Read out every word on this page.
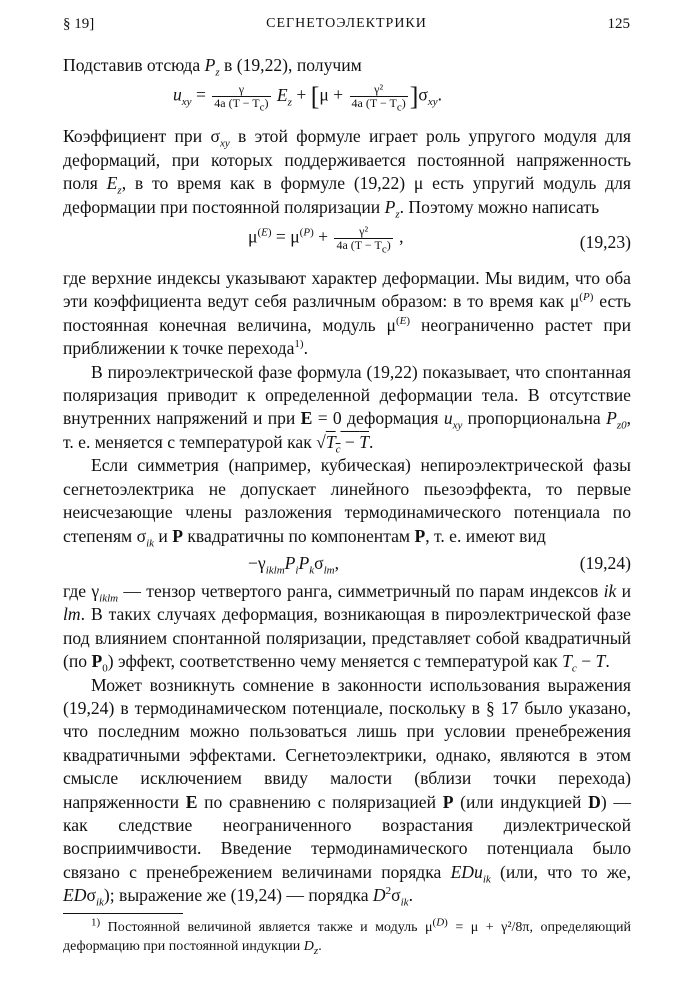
§ 19]	СЕГНЕТОЭЛЕКТРИКИ	125

Подставив отсюда $P_z$ в (19,22), получим

$u_{xy} = \frac{\gamma}{4a (T - T_c)} E_z + [\mu + \frac{\text{γ²}}{4a (T - T_c)} ]\sigma_{xy}$.

Коэффициент при $\sigma_{xy}$ в этой формуле играет роль упругого модуля для деформаций, при которых поддерживается постоянной напряженность поля $E_z$, в то время как в формуле (19,22) μ есть упругий модуль для деформации при постоянной поляризации $P_z$. Поэтому можно написать

$\mu^{(E)} = \mu^{(P)} + \frac{\text{γ²}}{4a (T - T_c)}$ ,	(19,23)

где верхние индексы указывают характер деформации. Мы видим, что оба эти коэффициента ведут себя различным образом: в то время как $\mu^{(P)}$ есть постоянная конечная величина, модуль $\mu^{(E)}$ неограниченно растет при приближении к точке перехода$^{1)}$.

В пироэлектрической фазе формула (19,22) показывает, что спонтанная поляризация приводит к определенной деформации тела. В отсутствие внутренних напряжений и при E = 0 деформация $u_{xy}$ пропорциональна $P_{z0}$, т. е. меняется с температурой как $√T_c - T$.

Если симметрия (например, кубическая) непироэлектрической фазы сегнетоэлектрика не допускает линейного пьезоэффекта, то первые неисчезающие члены разложения термодинамического потенциала по степеням $\sigma_{ik}$ и P квадратичны по компонентам P, т. е. имеют вид

$-\gamma_{iklm}P_iP_k\sigma_{lm}$,	(19,24)

где $\gamma_{iklm}$ — тензор четвертого ранга, симметричный по парам индексов ik и lm. В таких случаях деформация, возникающая в пироэлектрической фазе под влиянием спонтанной поляризации, представляет собой квадратичный (по $P_0$) эффект, соответственно чему меняется с температурой как $T_c - T$.

Может возникнуть сомнение в законности использования выражения (19,24) в термодинамическом потенциале, поскольку в § 17 было указано, что последним можно пользоваться лишь при условии пренебрежения квадратичными эффектами. Сегнетоэлектрики, однако, являются в этом смысле исключением ввиду малости (вблизи точки перехода) напряженности E по сравнению с поляризацией P (или индукцией D) — как следствие неограниченного возрастания диэлектрической восприимчивости. Введение термодинамического потенциала было связано с пренебрежением величинами порядка EDu$_{ik}$ (или, что то же, EDσ$_{ik}$); выражение же (19,24) — порядка $D^2\sigma_{ik}$.

$^{1)}$ Постоянной величиной является также и модуль $\mu^{(D)} = \mu + \gamma^2/8\pi$, определяющий деформацию при постоянной индукции $D_z$.
